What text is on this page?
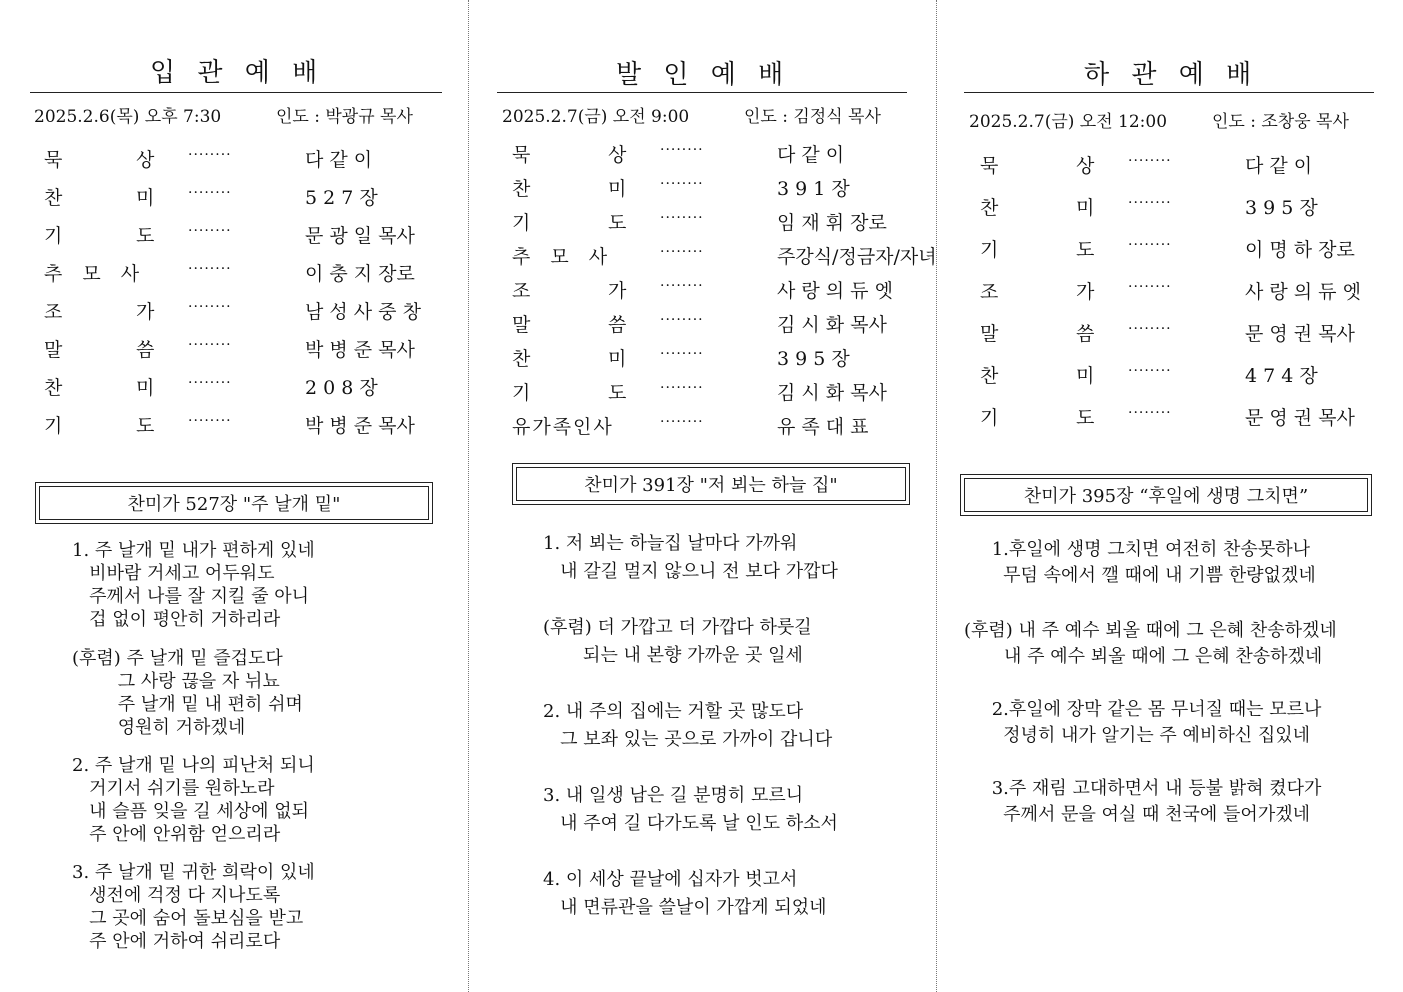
입 관 예 배
2025.2.6(목) 오후 7:30	인도 : 박광규 목사
묵	상 ········	다 같 이
찬	미 ········	5 2 7 장
기	도 ········	문 광 일 목사
추 모 사	········	이 충 지 장로
조	가 ········	남 성 사 중 창
말	씀 ········	박 병 준 목사
찬	미 ········	2 0 8 장
기	도 ········	박 병 준 목사
찬미가 527장 "주 날개 밑"
1. 주 날개 밑 내가 편하게 있네
비바람 거세고 어두워도
주께서 나를 잘 지킬 줄 아니
겁 없이 평안히 거하리라
(후렴) 주 날개 밑 즐겁도다
그 사랑 끊을 자 뉘뇨
주 날개 밑 내 편히 쉬며
영원히 거하겠네
2. 주 날개 밑 나의 피난처 되니
거기서 쉬기를 원하노라
내 슬픔 잊을 길 세상에 없되
주 안에 안위함 얻으리라
3. 주 날개 밑 귀한 희락이 있네
생전에 걱정 다 지나도록
그 곳에 숨어 돌보심을 받고
주 안에 거하여 쉬리로다
발 인 예 배
2025.2.7(금) 오전 9:00	인도 : 김정식 목사
묵	상 ········	다 같 이
찬	미 ········	3 9 1 장
기	도 ········	임 재 휘 장로
추 모 사	········	주강식/정금자/자녀
조	가 ········	사 랑 의 듀 엣
말	씀 ········	김 시 화 목사
찬	미 ········	3 9 5 장
기	도 ········	김 시 화 목사
유가족인사	········	유 족 대 표
찬미가 391장 "저 뵈는 하늘 집"
1. 저 뵈는 하늘집 날마다 가까워
내 갈길 멀지 않으니 전 보다 가깝다
(후렴) 더 가깝고 더 가깝다 하룻길
되는 내 본향 가까운 곳 일세
2. 내 주의 집에는 거할 곳 많도다
그 보좌 있는 곳으로 가까이 갑니다
3. 내 일생 남은 길 분명히 모르니
내 주여 길 다가도록 날 인도 하소서
4. 이 세상 끝날에 십자가 벗고서
내 면류관을 쓸날이 가깝게 되었네
하 관 예 배
2025.2.7(금) 오전 12:00	인도 : 조창웅 목사
묵	상 ········	다 같 이
찬	미 ········	3 9 5 장
기	도 ········	이 명 하 장로
조	가 ········	사 랑 의 듀 엣
말	씀 ········	문 영 권 목사
찬	미 ········	4 7 4 장
기	도 ········	문 영 권 목사
찬미가 395장 “후일에 생명 그치면”
1.후일에 생명 그치면 여전히 찬송못하나
무덤 속에서 깰 때에 내 기쁨 한량없겠네
(후렴) 내 주 예수 뵈올 때에 그 은혜 찬송하겠네
내 주 예수 뵈올 때에 그 은혜 찬송하겠네
2.후일에 장막 같은 몸 무너질 때는 모르나
정녕히 내가 알기는 주 예비하신 집있네
3.주 재림 고대하면서 내 등불 밝혀 켰다가
주께서 문을 여실 때 천국에 들어가겠네
